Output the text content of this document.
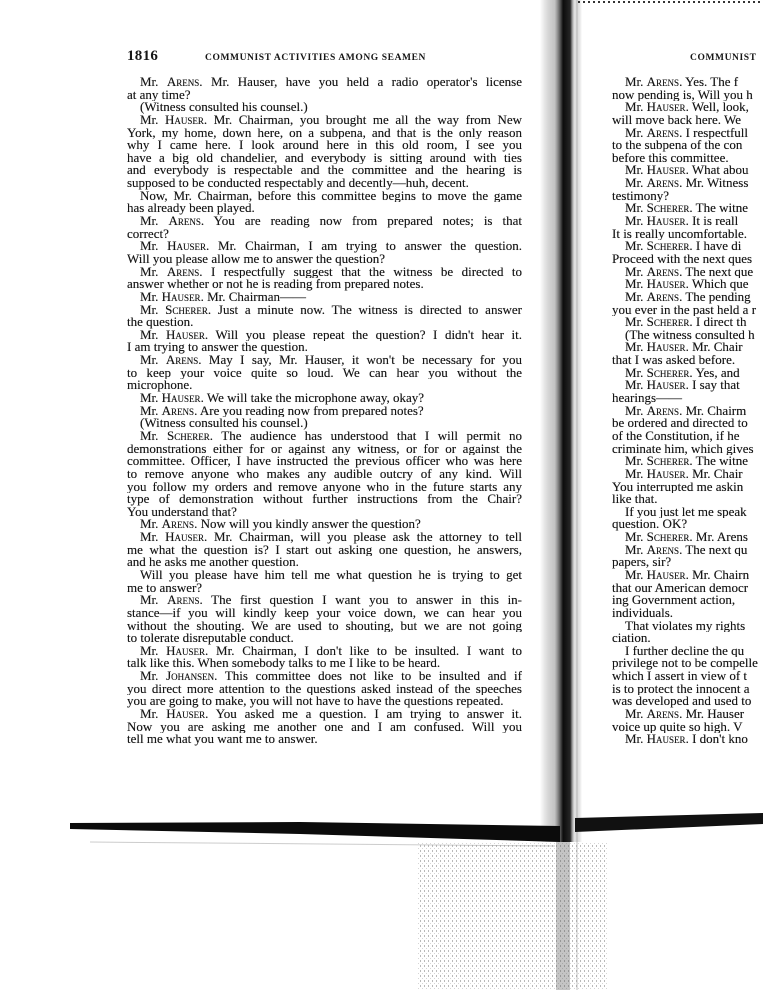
1816	COMMUNIST ACTIVITIES AMONG SEAMEN	COMMUNIST
Mr. Arens. Mr. Hauser, have you held a radio operator's license
at any time?
(Witness consulted his counsel.)
Mr. Hauser. Mr. Chairman, you brought me all the way from New
York, my home, down here, on a subpena, and that is the only reason
why I came here. I look around here in this old room, I see you
have a big old chandelier, and everybody is sitting around with ties
and everybody is respectable and the committee and the hearing is
supposed to be conducted respectably and decently—huh, decent.
Now, Mr. Chairman, before this committee begins to move the game
has already been played.
Mr. Arens. You are reading now from prepared notes; is that
correct?
Mr. Hauser. Mr. Chairman, I am trying to answer the question.
Will you please allow me to answer the question?
Mr. Arens. I respectfully suggest that the witness be directed to
answer whether or not he is reading from prepared notes.
Mr. Hauser. Mr. Chairman——
Mr. Scherer. Just a minute now. The witness is directed to answer
the question.
Mr. Hauser. Will you please repeat the question? I didn't hear it.
I am trying to answer the question.
Mr. Arens. May I say, Mr. Hauser, it won't be necessary for you
to keep your voice quite so loud. We can hear you without the
microphone.
Mr. Hauser. We will take the microphone away, okay?
Mr. Arens. Are you reading now from prepared notes?
(Witness consulted his counsel.)
Mr. Scherer. The audience has understood that I will permit no
demonstrations either for or against any witness, or for or against the
committee. Officer, I have instructed the previous officer who was here
to remove anyone who makes any audible outcry of any kind. Will
you follow my orders and remove anyone who in the future starts any
type of demonstration without further instructions from the Chair?
You understand that?
Mr. Arens. Now will you kindly answer the question?
Mr. Hauser. Mr. Chairman, will you please ask the attorney to tell
me what the question is? I start out asking one question, he answers,
and he asks me another question.
Will you please have him tell me what question he is trying to get
me to answer?
Mr. Arens. The first question I want you to answer in this in-
stance—if you will kindly keep your voice down, we can hear you
without the shouting. We are used to shouting, but we are not going
to tolerate disreputable conduct.
Mr. Hauser. Mr. Chairman, I don't like to be insulted. I want to
talk like this. When somebody talks to me I like to be heard.
Mr. Johansen. This committee does not like to be insulted and if
you direct more attention to the questions asked instead of the speeches
you are going to make, you will not have to have the questions repeated.
Mr. Hauser. You asked me a question. I am trying to answer it.
Now you are asking me another one and I am confused. Will you
tell me what you want me to answer.
Mr. Arens. Yes. The f
now pending is, Will you h
Mr. Hauser. Well, look,
will move back here. We
Mr. Arens. I respectfull
to the subpena of the con
before this committee.
Mr. Hauser. What abou
Mr. Arens. Mr. Witness
testimony?
Mr. Scherer. The witne
Mr. Hauser. It is reall
It is really uncomfortable.
Mr. Scherer. I have di
Proceed with the next ques
Mr. Arens. The next que
Mr. Hauser. Which que
Mr. Arens. The pending
you ever in the past held a r
Mr. Scherer. I direct th
(The witness consulted h
Mr. Hauser. Mr. Chair
that I was asked before.
Mr. Scherer. Yes, and
Mr. Hauser. I say that
hearings——
Mr. Arens. Mr. Chairm
be ordered and directed to
of the Constitution, if he
criminate him, which gives
Mr. Scherer. The witne
Mr. Hauser. Mr. Chair
You interrupted me askin
like that.
If you just let me speak
question. OK?
Mr. Scherer. Mr. Arens
Mr. Arens. The next qu
papers, sir?
Mr. Hauser. Mr. Chairn
that our American democr
ing Government action,
individuals.
That violates my rights
ciation.
I further decline the qu
privilege not to be compelle
which I assert in view of t
is to protect the innocent a
was developed and used to
Mr. Arens. Mr. Hauser
voice up quite so high. V
Mr. Hauser. I don't kno
